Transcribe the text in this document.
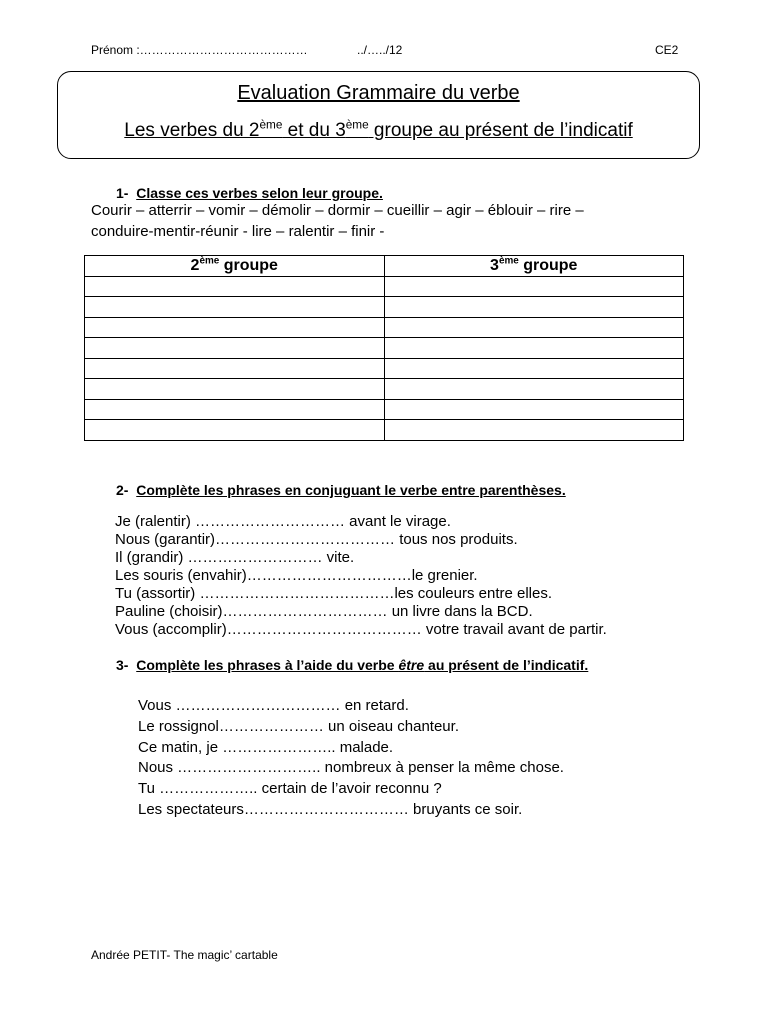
Prénom :……………………………………	../…../12	CE2
Evaluation Grammaire du verbe
Les verbes du 2ème et du 3ème groupe au présent de l’indicatif
1- Classe ces verbes selon leur groupe.
Courir – atterrir – vomir – démolir – dormir – cueillir – agir – éblouir – rire –
conduire-mentir-réunir - lire – ralentir – finir -
2ème groupe	3ème groupe

2- Complète les phrases en conjuguant le verbe entre parenthèses.
Je (ralentir) ………………………… avant le virage.
Nous (garantir)……………………………… tous nos produits.
Il (grandir) ……………………… vite.
Les souris (envahir)……………………………le grenier.
Tu (assortir) …………………………………les couleurs entre elles.
Pauline (choisir)…………………………… un livre dans la BCD.
Vous (accomplir)………………………………… votre travail avant de partir.
3- Complète les phrases à l’aide du verbe être au présent de l’indicatif.
Vous …………………………… en retard.
Le rossignol………………… un oiseau chanteur.
Ce matin, je ………………….. malade.
Nous ……………………….. nombreux à penser la même chose.
Tu ……………….. certain de l’avoir reconnu ?
Les spectateurs…………………………… bruyants ce soir.
Andrée PETIT- The magic’ cartable
